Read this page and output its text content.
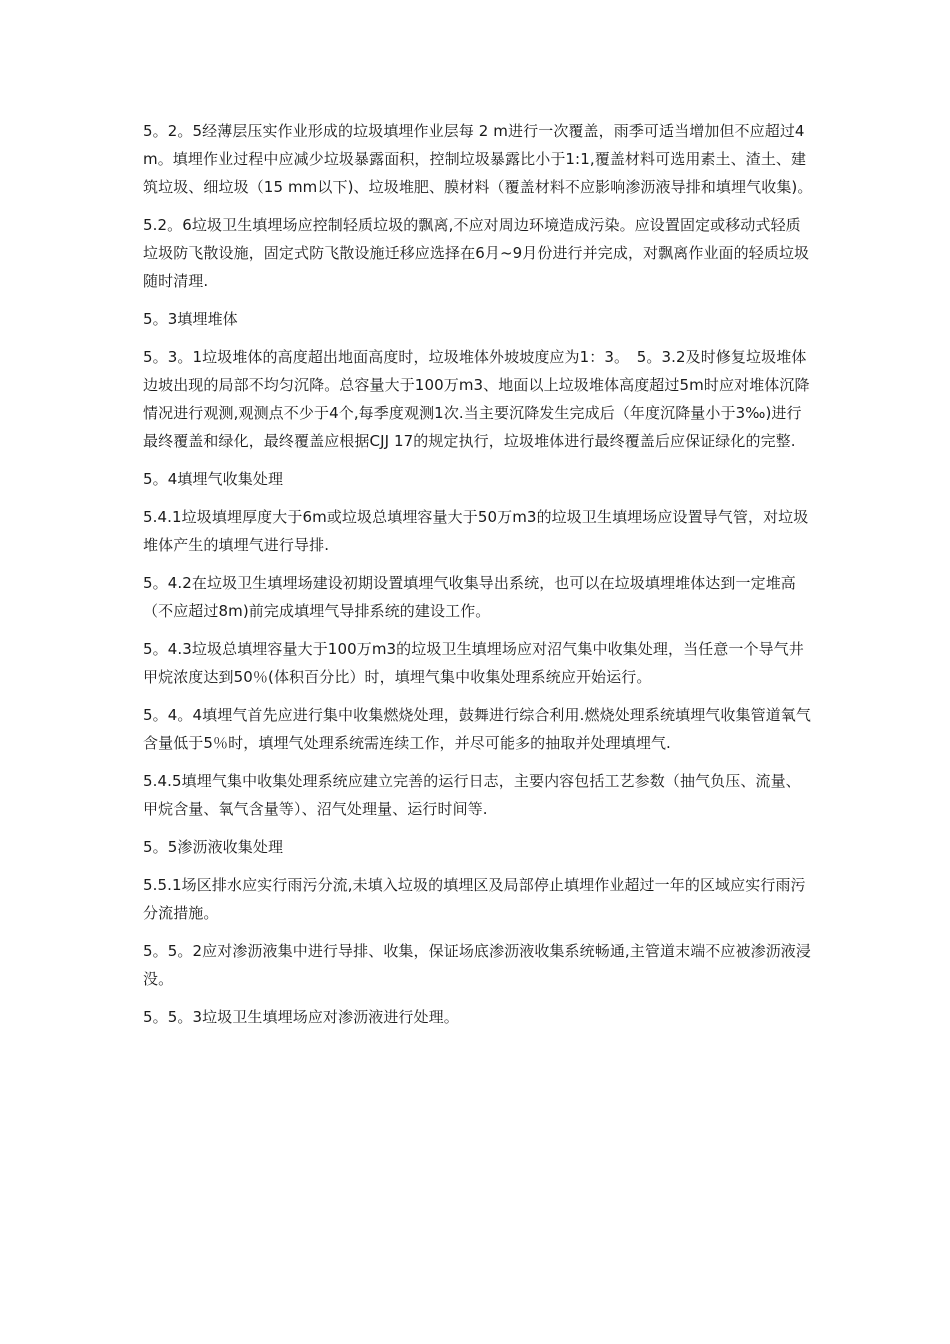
5。2。5经薄层压实作业形成的垃圾填埋作业层每 2 m进行一次覆盖，雨季可适当增加但不应超过4 m。填埋作业过程中应减少垃圾暴露面积，控制垃圾暴露比小于1:1,覆盖材料可选用素土、渣土、建筑垃圾、细垃圾（15 mm以下)、垃圾堆肥、膜材料（覆盖材料不应影响渗沥液导排和填埋气收集)。

5.2。6垃圾卫生填埋场应控制轻质垃圾的飘离,不应对周边环境造成污染。应设置固定或移动式轻质垃圾防飞散设施，固定式防飞散设施迁移应选择在6月~9月份进行并完成，对飘离作业面的轻质垃圾随时清理.

5。3填埋堆体

5。3。1垃圾堆体的高度超出地面高度时，垃圾堆体外坡坡度应为1：3。　5。3.2及时修复垃圾堆体边坡出现的局部不均匀沉降。总容量大于100万m3、地面以上垃圾堆体高度超过5m时应对堆体沉降情况进行观测,观测点不少于4个,每季度观测1次.当主要沉降发生完成后（年度沉降量小于3‰)进行最终覆盖和绿化，最终覆盖应根据CJJ 17的规定执行，垃圾堆体进行最终覆盖后应保证绿化的完整.

5。4填埋气收集处理

5.4.1垃圾填埋厚度大于6m或垃圾总填埋容量大于50万m3的垃圾卫生填埋场应设置导气管，对垃圾堆体产生的填埋气进行导排.

5。4.2在垃圾卫生填埋场建设初期设置填埋气收集导出系统，也可以在垃圾填埋堆体达到一定堆高（不应超过8m)前完成填埋气导排系统的建设工作。

5。4.3垃圾总填埋容量大于100万m3的垃圾卫生填埋场应对沼气集中收集处理，当任意一个导气井甲烷浓度达到50％(体积百分比）时，填埋气集中收集处理系统应开始运行。

5。4。4填埋气首先应进行集中收集燃烧处理，鼓舞进行综合利用.燃烧处理系统填埋气收集管道氧气含量低于5％时，填埋气处理系统需连续工作，并尽可能多的抽取并处理填埋气.

5.4.5填埋气集中收集处理系统应建立完善的运行日志，主要内容包括工艺参数（抽气负压、流量、甲烷含量、氧气含量等）、沼气处理量、运行时间等.

5。5渗沥液收集处理

5.5.1场区排水应实行雨污分流,未填入垃圾的填埋区及局部停止填埋作业超过一年的区域应实行雨污分流措施。

5。5。2应对渗沥液集中进行导排、收集，保证场底渗沥液收集系统畅通,主管道末端不应被渗沥液浸没。

5。5。3垃圾卫生填埋场应对渗沥液进行处理。
